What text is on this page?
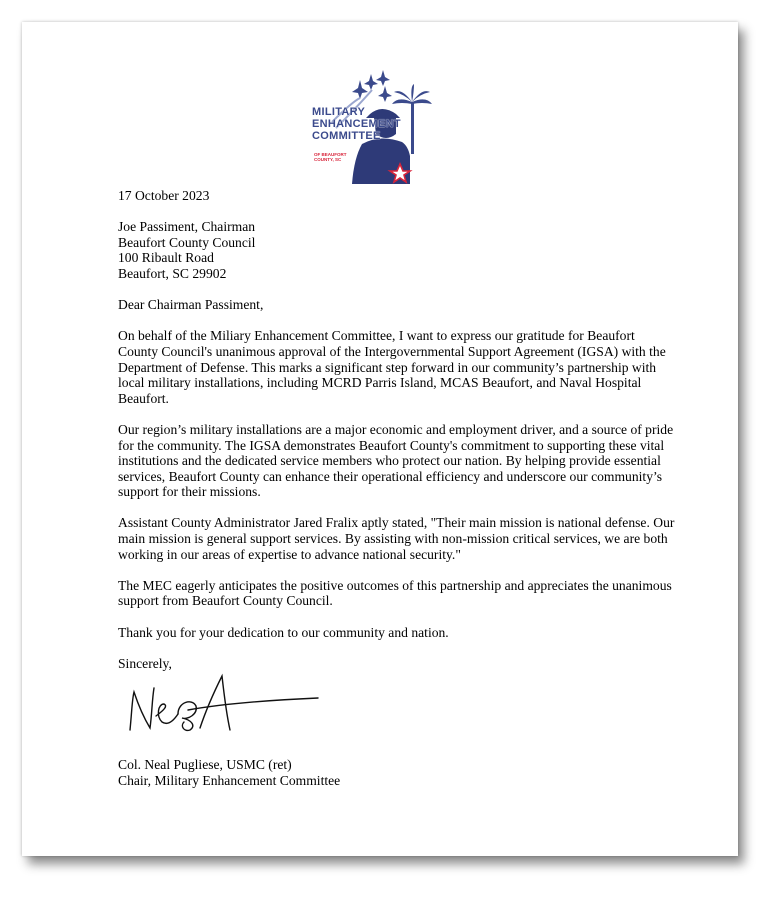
MILITARY
ENHANCEMENT
COMMITTEE
OF BEAUFORT
COUNTY, SC

17 October 2023

Joe Passiment, Chairman
Beaufort County Council
100 Ribault Road
Beaufort, SC 29902

Dear Chairman Passiment,

On behalf of the Miliary Enhancement Committee, I want to express our gratitude for Beaufort County Council's unanimous approval of the Intergovernmental Support Agreement (IGSA) with the Department of Defense. This marks a significant step forward in our community’s partnership with local military installations, including MCRD Parris Island, MCAS Beaufort, and Naval Hospital Beaufort.

Our region’s military installations are a major economic and employment driver, and a source of pride for the community. The IGSA demonstrates Beaufort County's commitment to supporting these vital institutions and the dedicated service members who protect our nation. By helping provide essential services, Beaufort County can enhance their operational efficiency and underscore our community’s support for their missions.

Assistant County Administrator Jared Fralix aptly stated, "Their main mission is national defense. Our main mission is general support services. By assisting with non-mission critical services, we are both working in our areas of expertise to advance national security."

The MEC eagerly anticipates the positive outcomes of this partnership and appreciates the unanimous support from Beaufort County Council.

Thank you for your dedication to our community and nation.

Sincerely,

Col. Neal Pugliese, USMC (ret)
Chair, Military Enhancement Committee
